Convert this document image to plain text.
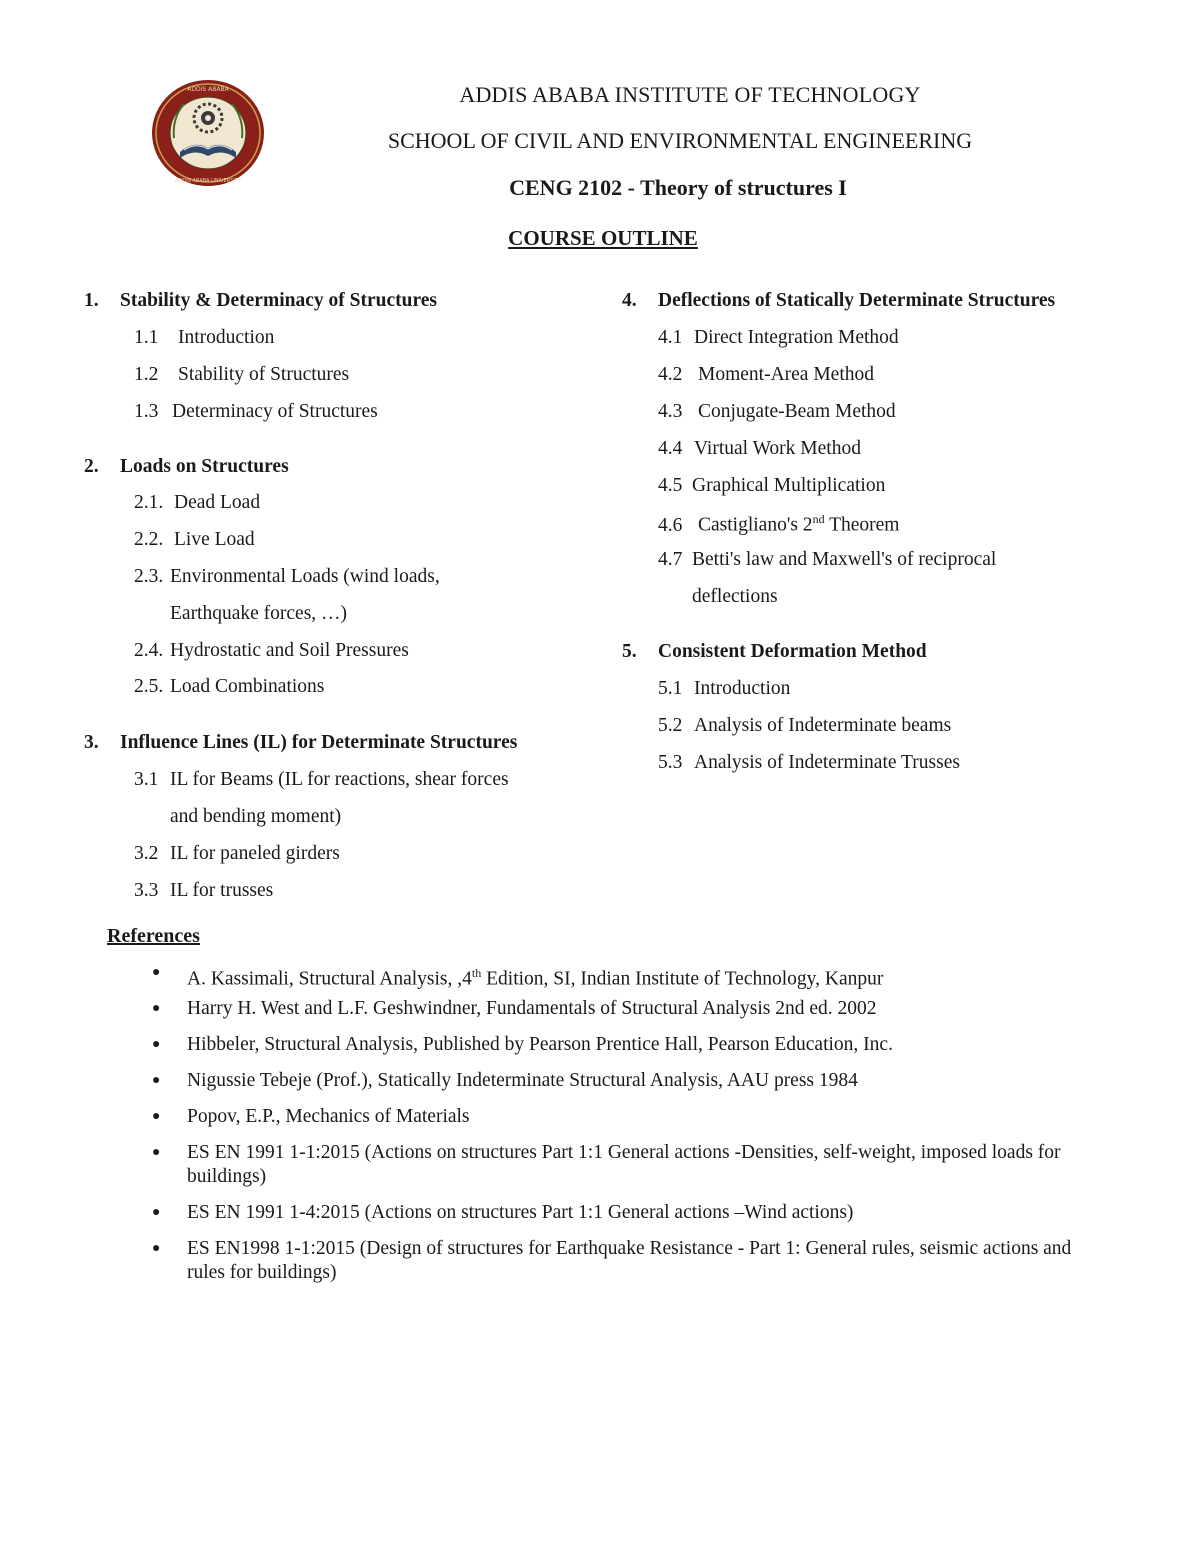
ADDIS ABABA
ADDIS ABABA UNIVERSITY
ADDIS ABABA INSTITUTE OF TECHNOLOGY
SCHOOL OF CIVIL AND ENVIRONMENTAL ENGINEERING
CENG 2102 - Theory of structures I
COURSE OUTLINE
1. Stability & Determinacy of Structures
1.1 Introduction
1.2 Stability of Structures
1.3 Determinacy of Structures
2. Loads on Structures
2.1. Dead Load
2.2. Live Load
2.3. Environmental Loads (wind loads,
Earthquake forces, …)
2.4. Hydrostatic and Soil Pressures
2.5. Load Combinations
3. Influence Lines (IL) for Determinate Structures
3.1 IL for Beams (IL for reactions, shear forces
and bending moment)
3.2 IL for paneled girders
3.3 IL for trusses
4. Deflections of Statically Determinate Structures
4.1 Direct Integration Method
4.2 Moment-Area Method
4.3 Conjugate-Beam Method
4.4 Virtual Work Method
4.5 Graphical Multiplication
4.6 Castigliano's 2nd Theorem
4.7 Betti's law and Maxwell's of reciprocal
deflections
5. Consistent Deformation Method
5.1 Introduction
5.2 Analysis of Indeterminate beams
5.3 Analysis of Indeterminate Trusses
References
● A. Kassimali, Structural Analysis, ,4th Edition, SI, Indian Institute of Technology, Kanpur
● Harry H. West and L.F. Geshwindner, Fundamentals of Structural Analysis 2nd ed. 2002
● Hibbeler, Structural Analysis, Published by Pearson Prentice Hall, Pearson Education, Inc.
● Nigussie Tebeje (Prof.), Statically Indeterminate Structural Analysis, AAU press 1984
● Popov, E.P., Mechanics of Materials
● ES EN 1991 1-1:2015 (Actions on structures Part 1:1 General actions -Densities, self-weight, imposed loads for buildings)
● ES EN 1991 1-4:2015 (Actions on structures Part 1:1 General actions –Wind actions)
● ES EN1998 1-1:2015 (Design of structures for Earthquake Resistance - Part 1: General rules, seismic actions and rules for buildings)
